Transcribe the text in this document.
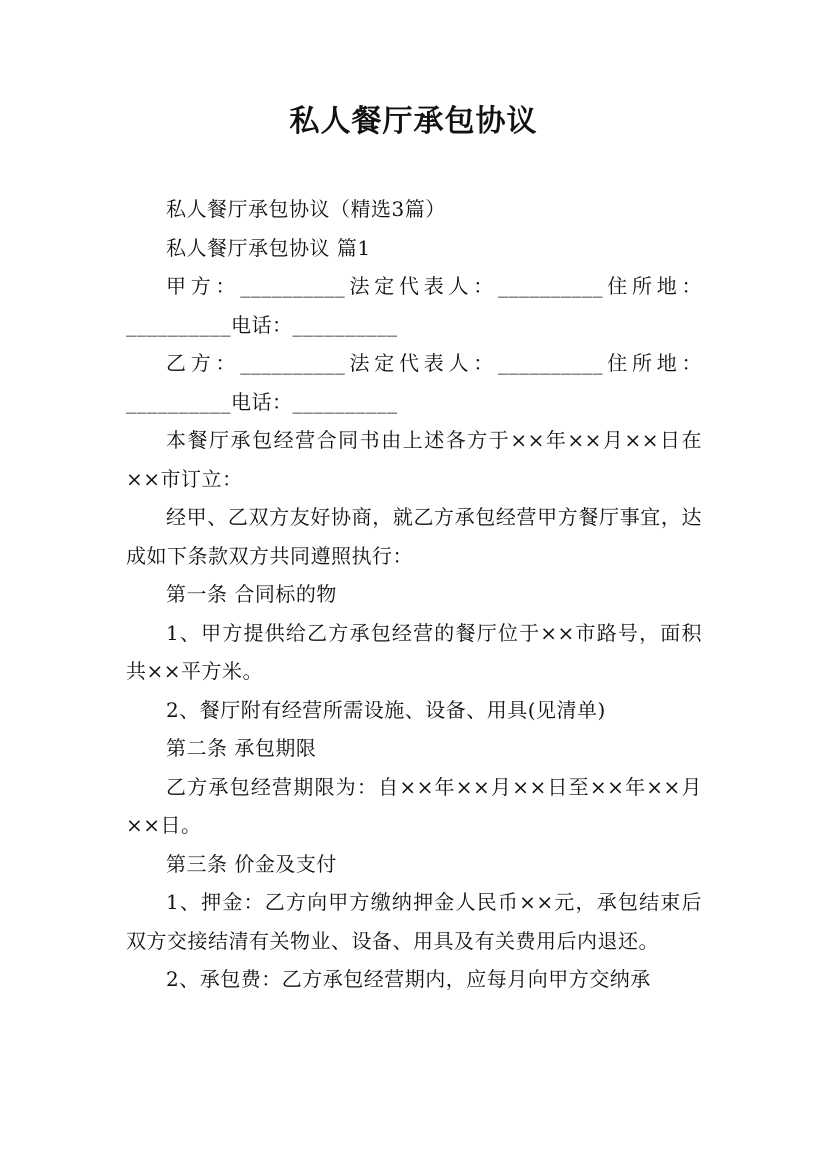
私人餐厅承包协议

私人餐厅承包协议（精选3篇）

私人餐厅承包协议 篇1

甲方：__________法定代表人：__________住所地：__________电话：__________

乙方：__________法定代表人：__________住所地：__________电话：__________

本餐厅承包经营合同书由上述各方于××年××月××日在××市订立：

经甲、乙双方友好协商，就乙方承包经营甲方餐厅事宜，达成如下条款双方共同遵照执行：

第一条 合同标的物

1、甲方提供给乙方承包经营的餐厅位于××市路号，面积共××平方米。

2、餐厅附有经营所需设施、设备、用具(见清单)

第二条 承包期限

乙方承包经营期限为：自××年××月××日至××年××月××日。

第三条 价金及支付

1、押金：乙方向甲方缴纳押金人民币××元，承包结束后双方交接结清有关物业、设备、用具及有关费用后内退还。

2、承包费：乙方承包经营期内，应每月向甲方交纳承
